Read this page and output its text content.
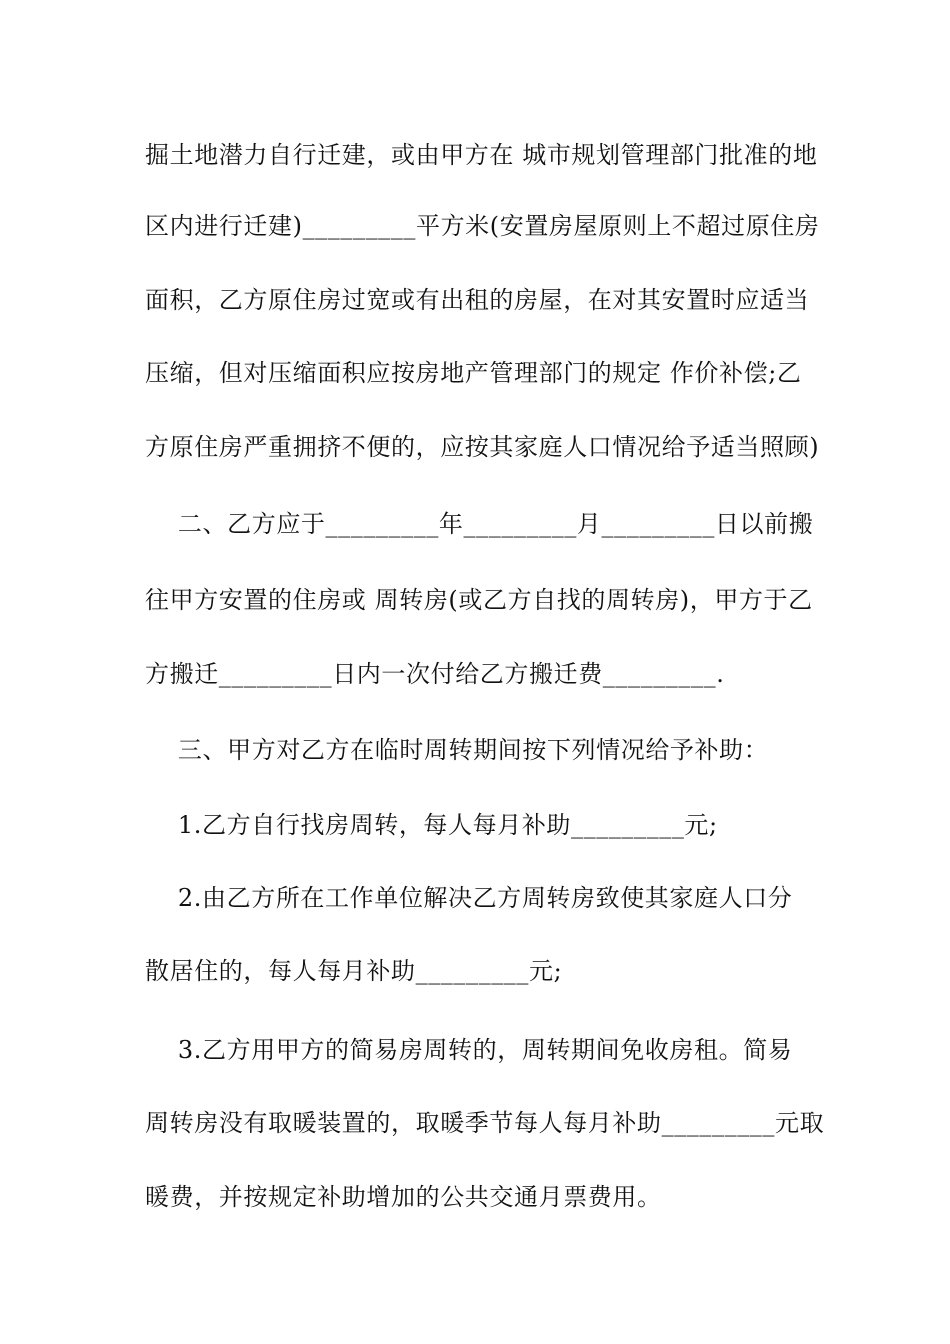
掘土地潜力自行迁建，或由甲方在 城市规划管理部门批准的地
区内进行迁建)_________平方米(安置房屋原则上不超过原住房
面积，乙方原住房过宽或有出租的房屋，在对其安置时应适当
压缩，但对压缩面积应按房地产管理部门的规定 作价补偿;乙
方原住房严重拥挤不便的，应按其家庭人口情况给予适当照顾)
二、乙方应于_________年_________月_________日以前搬
往甲方安置的住房或 周转房(或乙方自找的周转房)，甲方于乙
方搬迁_________日内一次付给乙方搬迁费_________.
三、甲方对乙方在临时周转期间按下列情况给予补助：
1.乙方自行找房周转，每人每月补助_________元;
2.由乙方所在工作单位解决乙方周转房致使其家庭人口分
散居住的，每人每月补助_________元;
3.乙方用甲方的简易房周转的，周转期间免收房租。简易
周转房没有取暖装置的，取暖季节每人每月补助_________元取
暖费，并按规定补助增加的公共交通月票费用。
